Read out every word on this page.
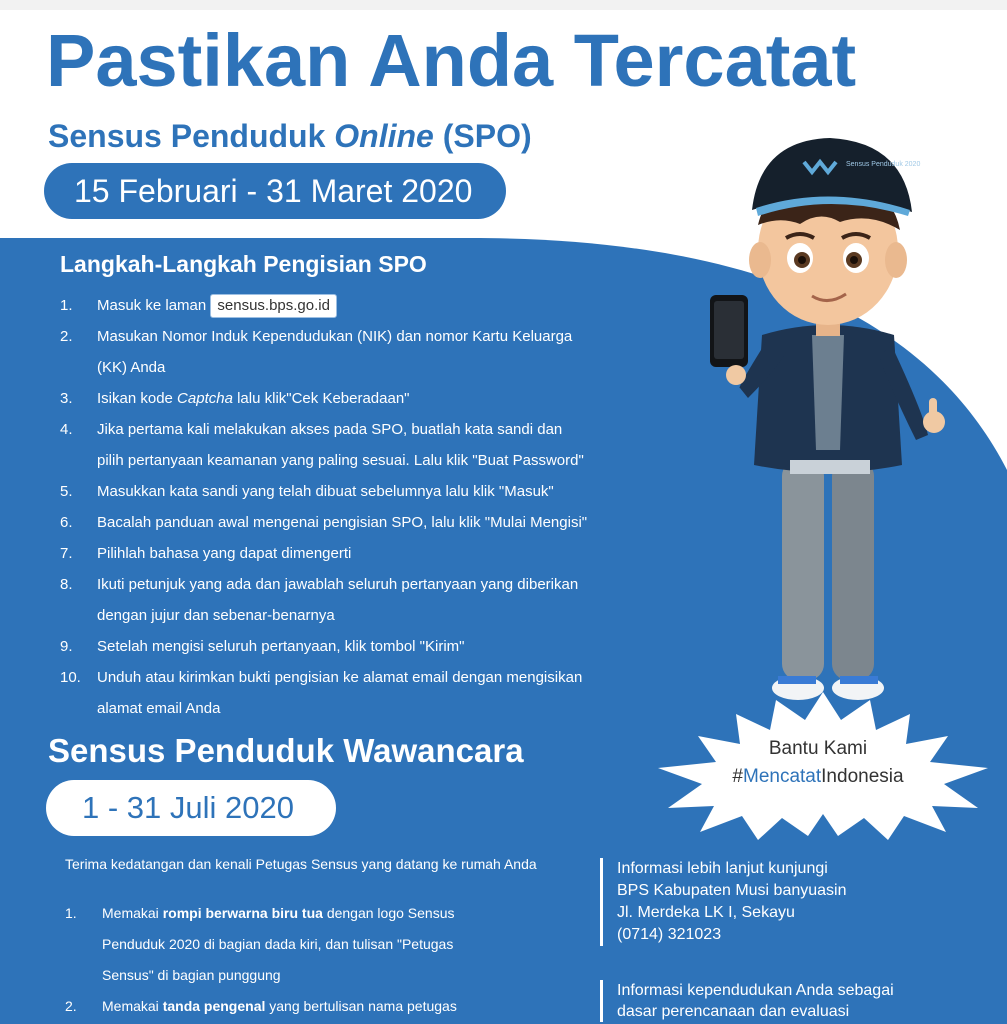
Pastikan Anda Tercatat
Sensus Penduduk Online (SPO)
15 Februari - 31 Maret 2020
Langkah-Langkah Pengisian SPO
1. Masuk ke laman sensus.bps.go.id
2. Masukan Nomor Induk Kependudukan (NIK) dan nomor Kartu Keluarga
(KK) Anda
3. Isikan kode Captcha lalu klik"Cek Keberadaan"
4. Jika pertama kali melakukan akses pada SPO, buatlah kata sandi dan
pilih pertanyaan keamanan yang paling sesuai. Lalu klik "Buat Password"
5. Masukkan kata sandi yang telah dibuat sebelumnya lalu klik "Masuk"
6. Bacalah panduan awal mengenai pengisian SPO, lalu klik "Mulai Mengisi"
7. Pilihlah bahasa yang dapat dimengerti
8. Ikuti petunjuk yang ada dan jawablah seluruh pertanyaan yang diberikan
dengan jujur dan sebenar-benarnya
9. Setelah mengisi seluruh pertanyaan, klik tombol "Kirim"
10. Unduh atau kirimkan bukti pengisian ke alamat email dengan mengisikan
alamat email Anda
Sensus Penduduk Wawancara
1 - 31 Juli 2020
Terima kedatangan dan kenali Petugas Sensus yang datang ke rumah Anda
1. Memakai rompi berwarna biru tua dengan logo Sensus
Penduduk 2020 di bagian dada kiri, dan tulisan "Petugas
Sensus" di bagian punggung
2. Memakai tanda pengenal yang bertulisan nama petugas
Informasi lebih lanjut kunjungi
BPS Kabupaten Musi banyuasin
Jl. Merdeka LK I, Sekayu
(0714) 321023
Informasi kependudukan Anda sebagai
dasar perencanaan dan evaluasi
Sensus Penduduk 2020
Bantu Kami
#MencatatIndonesia
